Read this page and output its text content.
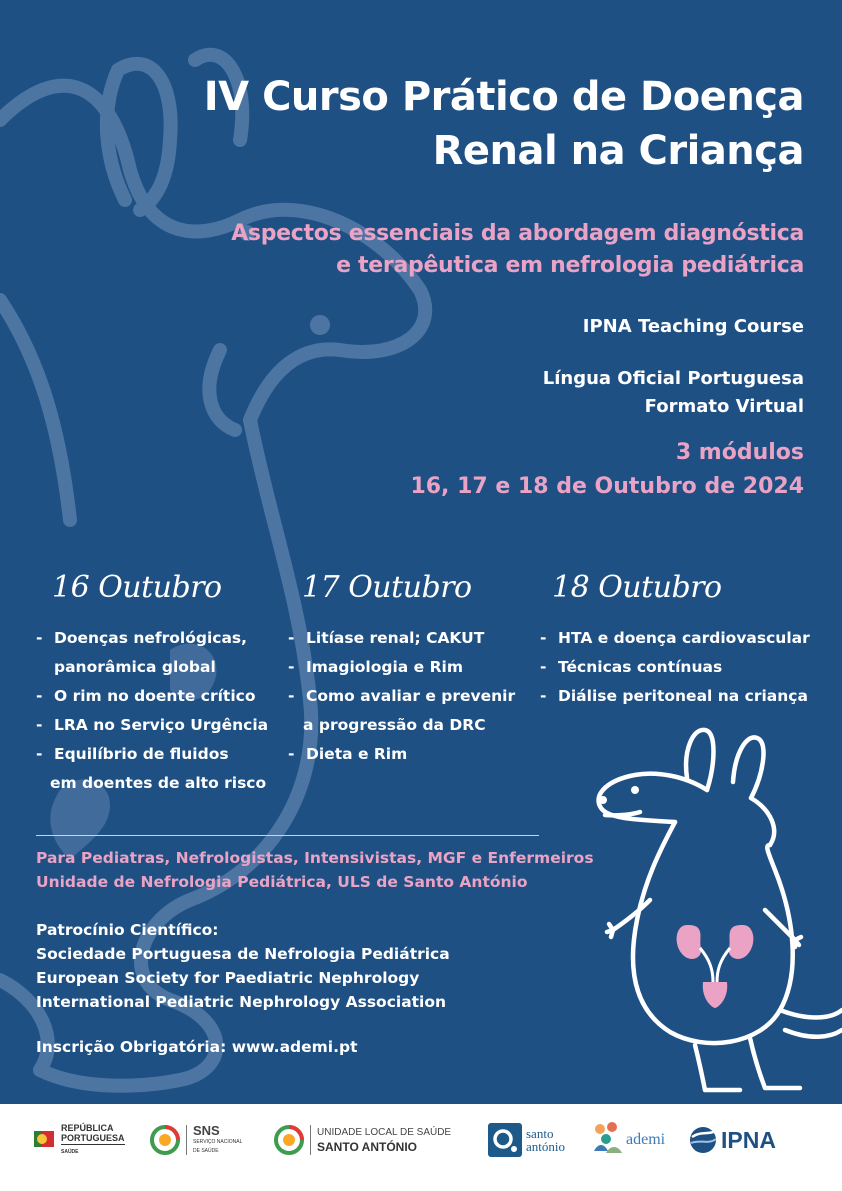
IV Curso Prático de Doença
Renal na Criança
Aspectos essenciais da abordagem diagnóstica
e terapêutica em nefrologia pediátrica
IPNA Teaching Course
Língua Oficial Portuguesa
Formato Virtual
3 módulos
16, 17 e 18 de Outubro de 2024
16 Outubro
- Doenças nefrológicas,
panorâmica global
- O rim no doente crítico
- LRA no Serviço Urgência
- Equilíbrio de fluidos
em doentes de alto risco
17 Outubro
- Litíase renal; CAKUT
- Imagiologia e Rim
- Como avaliar e prevenir
a progressão da DRC
- Dieta e Rim
18 Outubro
- HTA e doença cardiovascular
- Técnicas contínuas
- Diálise peritoneal na criança
Para Pediatras, Nefrologistas, Intensivistas, MGF e Enfermeiros
Unidade de Nefrologia Pediátrica, ULS de Santo António
Patrocínio Científico:
Sociedade Portuguesa de Nefrologia Pediátrica
European Society for Paediatric Nephrology
International Pediatric Nephrology Association
Inscrição Obrigatória: www.ademi.pt
REPÚBLICA
PORTUGUESA
SAÚDE
SNS
SERVIÇO NACIONAL
DE SAÚDE
UNIDADE LOCAL DE SAÚDE
SANTO ANTÓNIO
santo
antónio	ademi IPNA
